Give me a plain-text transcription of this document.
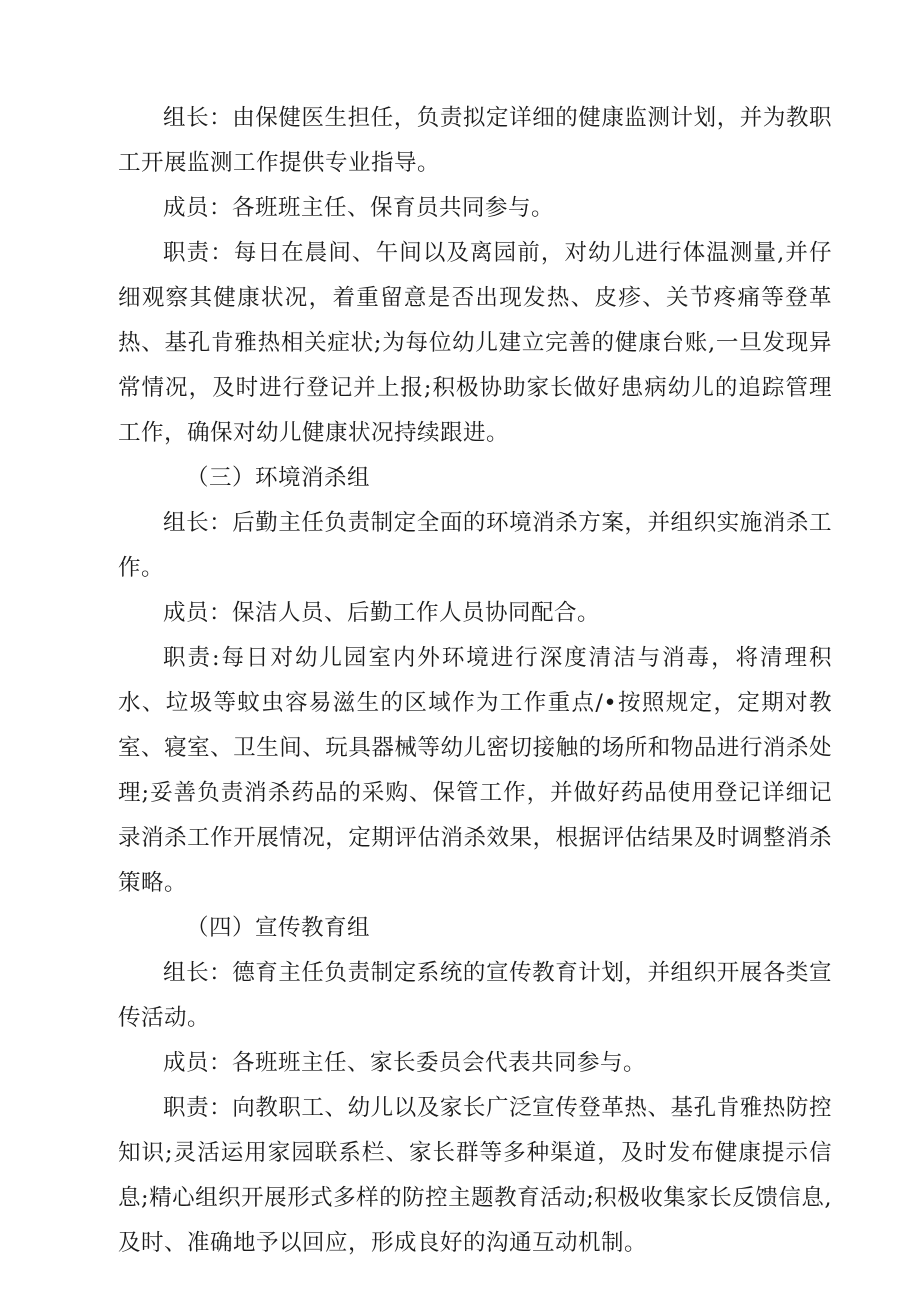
组长：由保健医生担任，负责拟定详细的健康监测计划，并为教职工开展监测工作提供专业指导。

成员：各班班主任、保育员共同参与。

职责：每日在晨间、午间以及离园前，对幼儿进行体温测量,并仔细观察其健康状况，着重留意是否出现发热、皮疹、关节疼痛等登革热、基孔肯雅热相关症状;为每位幼儿建立完善的健康台账,一旦发现异常情况，及时进行登记并上报;积极协助家长做好患病幼儿的追踪管理工作，确保对幼儿健康状况持续跟进。

（三）环境消杀组

组长：后勤主任负责制定全面的环境消杀方案，并组织实施消杀工作。

成员：保洁人员、后勤工作人员协同配合。

职责:每日对幼儿园室内外环境进行深度清洁与消毒，将清理积水、垃圾等蚊虫容易滋生的区域作为工作重点/•按照规定，定期对教室、寝室、卫生间、玩具器械等幼儿密切接触的场所和物品进行消杀处理;妥善负责消杀药品的采购、保管工作，并做好药品使用登记详细记录消杀工作开展情况，定期评估消杀效果，根据评估结果及时调整消杀策略。

（四）宣传教育组

组长：德育主任负责制定系统的宣传教育计划，并组织开展各类宣传活动。

成员：各班班主任、家长委员会代表共同参与。

职责：向教职工、幼儿以及家长广泛宣传登革热、基孔肯雅热防控知识;灵活运用家园联系栏、家长群等多种渠道，及时发布健康提示信息;精心组织开展形式多样的防控主题教育活动;积极收集家长反馈信息,及时、准确地予以回应，形成良好的沟通互动机制。
